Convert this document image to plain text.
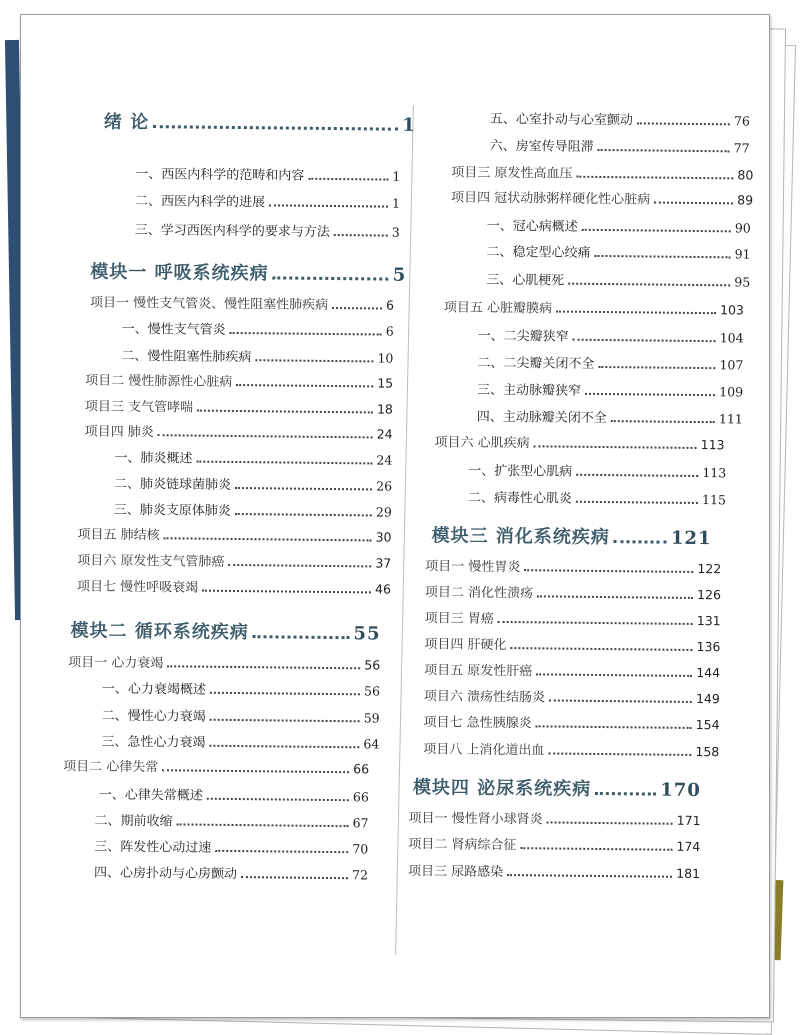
绪 论	1
一、西医内科学的范畴和内容	1
二、西医内科学的进展	1
三、学习西医内科学的要求与方法	3
模块一 呼吸系统疾病	5
项目一 慢性支气管炎、慢性阻塞性肺疾病	6
一、慢性支气管炎	6
二、慢性阻塞性肺疾病	10
项目二 慢性肺源性心脏病	15
项目三 支气管哮喘	18
项目四 肺炎	24
一、肺炎概述	24
二、肺炎链球菌肺炎	26
三、肺炎支原体肺炎	29
项目五 肺结核	30
项目六 原发性支气管肺癌	37
项目七 慢性呼吸衰竭	46
模块二 循环系统疾病	55
项目一 心力衰竭	56
一、心力衰竭概述	56
二、慢性心力衰竭	59
三、急性心力衰竭	64
项目二 心律失常	66
一、心律失常概述	66
二、期前收缩	67
三、阵发性心动过速	70
四、心房扑动与心房颤动	72
五、心室扑动与心室颤动	76
六、房室传导阻滞	77
项目三 原发性高血压	80
项目四 冠状动脉粥样硬化性心脏病	89
一、冠心病概述	90
二、稳定型心绞痛	91
三、心肌梗死	95
项目五 心脏瓣膜病	103
一、二尖瓣狭窄	104
二、二尖瓣关闭不全	107
三、主动脉瓣狭窄	109
四、主动脉瓣关闭不全	111
项目六 心肌疾病	113
一、扩张型心肌病	113
二、病毒性心肌炎	115
模块三 消化系统疾病	121
项目一 慢性胃炎	122
项目二 消化性溃疡	126
项目三 胃癌	131
项目四 肝硬化	136
项目五 原发性肝癌	144
项目六 溃疡性结肠炎	149
项目七 急性胰腺炎	154
项目八 上消化道出血	158
模块四 泌尿系统疾病	170
项目一 慢性肾小球肾炎	171
项目二 肾病综合征	174
项目三 尿路感染	181
